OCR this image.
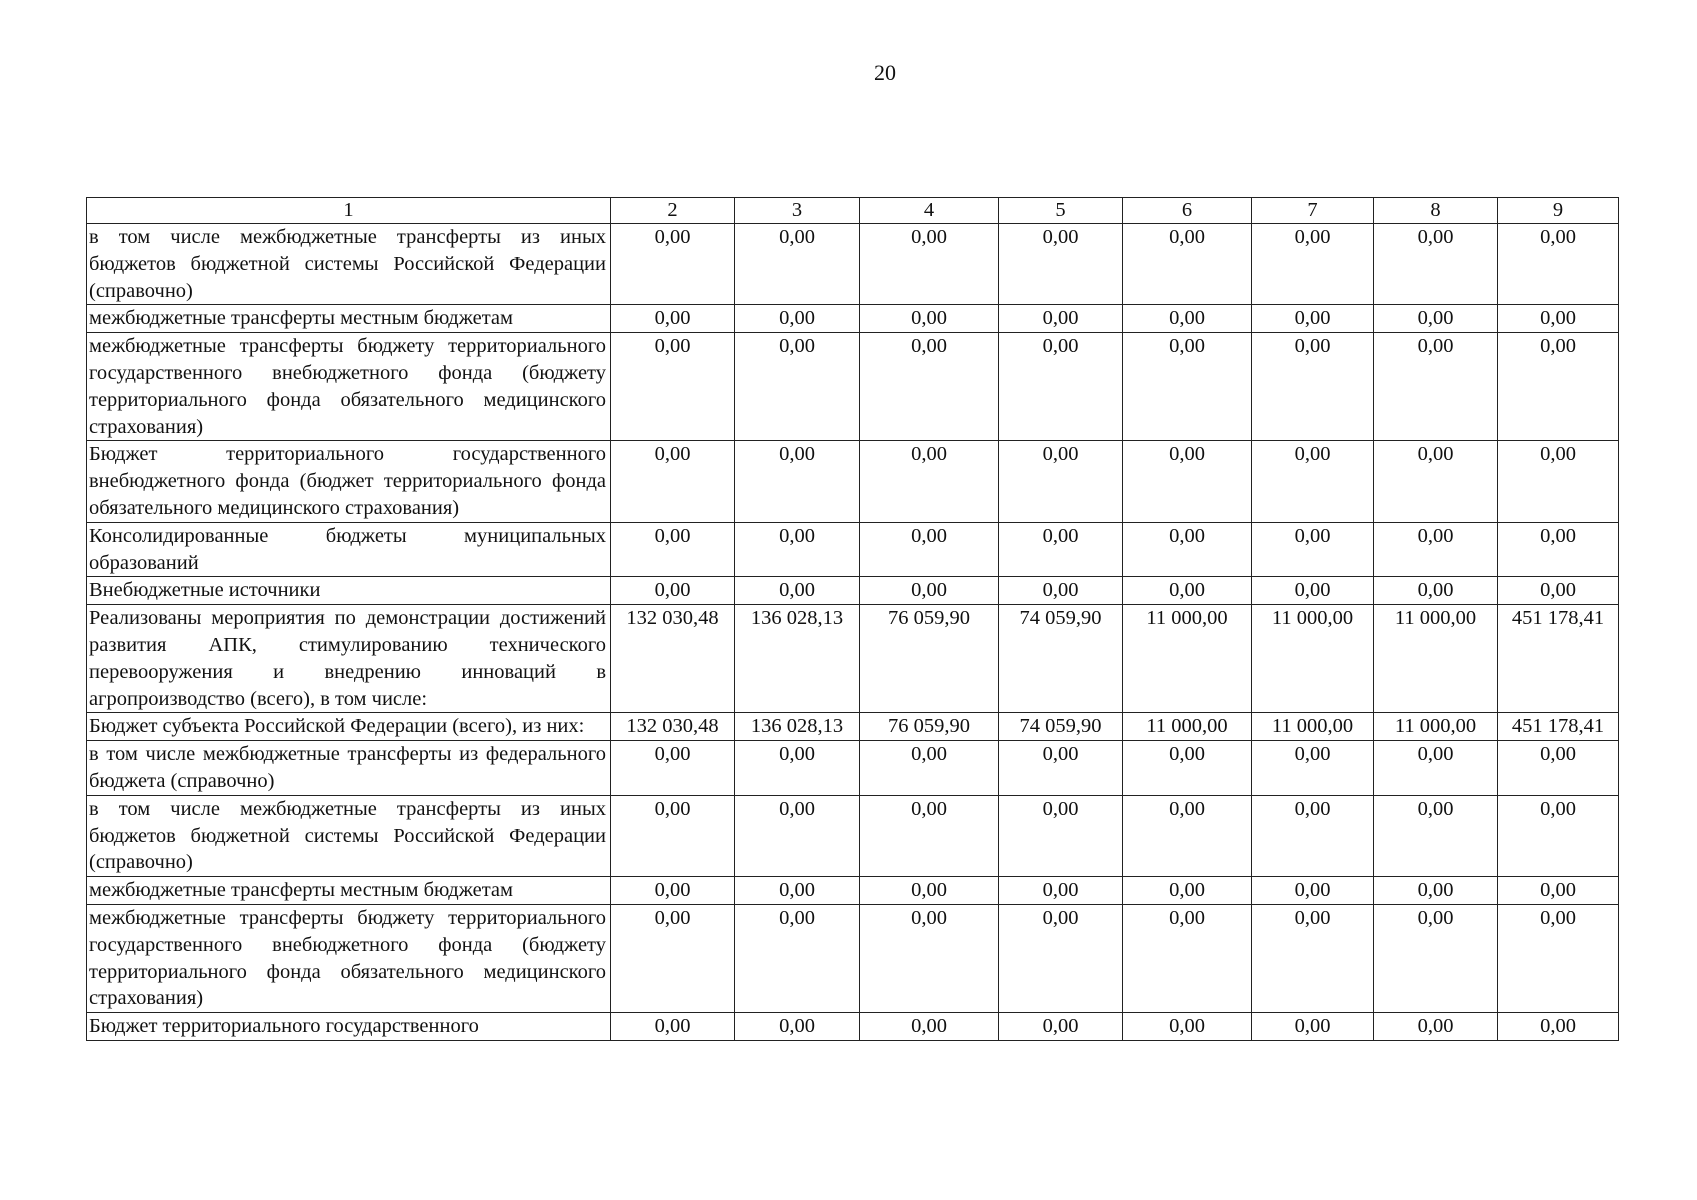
20
1	2	3	4	5	6	7	8	9
в том числе межбюджетные трансферты из иных бюджетов бюджетной системы Российской Федерации (справочно)	0,00	0,00	0,00	0,00	0,00	0,00	0,00	0,00
межбюджетные трансферты местным бюджетам	0,00	0,00	0,00	0,00	0,00	0,00	0,00	0,00
межбюджетные трансферты бюджету территориального государственного внебюджетного фонда (бюджету территориального фонда обязательного медицинского страхования)	0,00	0,00	0,00	0,00	0,00	0,00	0,00	0,00
Бюджет территориального государственного внебюджетного фонда (бюджет территориального фонда обязательного медицинского страхования)	0,00	0,00	0,00	0,00	0,00	0,00	0,00	0,00
Консолидированные бюджеты муниципальных образований	0,00	0,00	0,00	0,00	0,00	0,00	0,00	0,00
Внебюджетные источники	0,00	0,00	0,00	0,00	0,00	0,00	0,00	0,00
Реализованы мероприятия по демонстрации достижений развития АПК, стимулированию технического перевооружения и внедрению инноваций в агропроизводство (всего), в том числе:	132 030,48	136 028,13	76 059,90	74 059,90	11 000,00	11 000,00	11 000,00	451 178,41
Бюджет субъекта Российской Федерации (всего), из них:	132 030,48	136 028,13	76 059,90	74 059,90	11 000,00	11 000,00	11 000,00	451 178,41
в том числе межбюджетные трансферты из федерального бюджета (справочно)	0,00	0,00	0,00	0,00	0,00	0,00	0,00	0,00
в том числе межбюджетные трансферты из иных бюджетов бюджетной системы Российской Федерации (справочно)	0,00	0,00	0,00	0,00	0,00	0,00	0,00	0,00
межбюджетные трансферты местным бюджетам	0,00	0,00	0,00	0,00	0,00	0,00	0,00	0,00
межбюджетные трансферты бюджету территориального государственного внебюджетного фонда (бюджету территориального фонда обязательного медицинского страхования)	0,00	0,00	0,00	0,00	0,00	0,00	0,00	0,00
Бюджет территориального государственного	0,00	0,00	0,00	0,00	0,00	0,00	0,00	0,00
